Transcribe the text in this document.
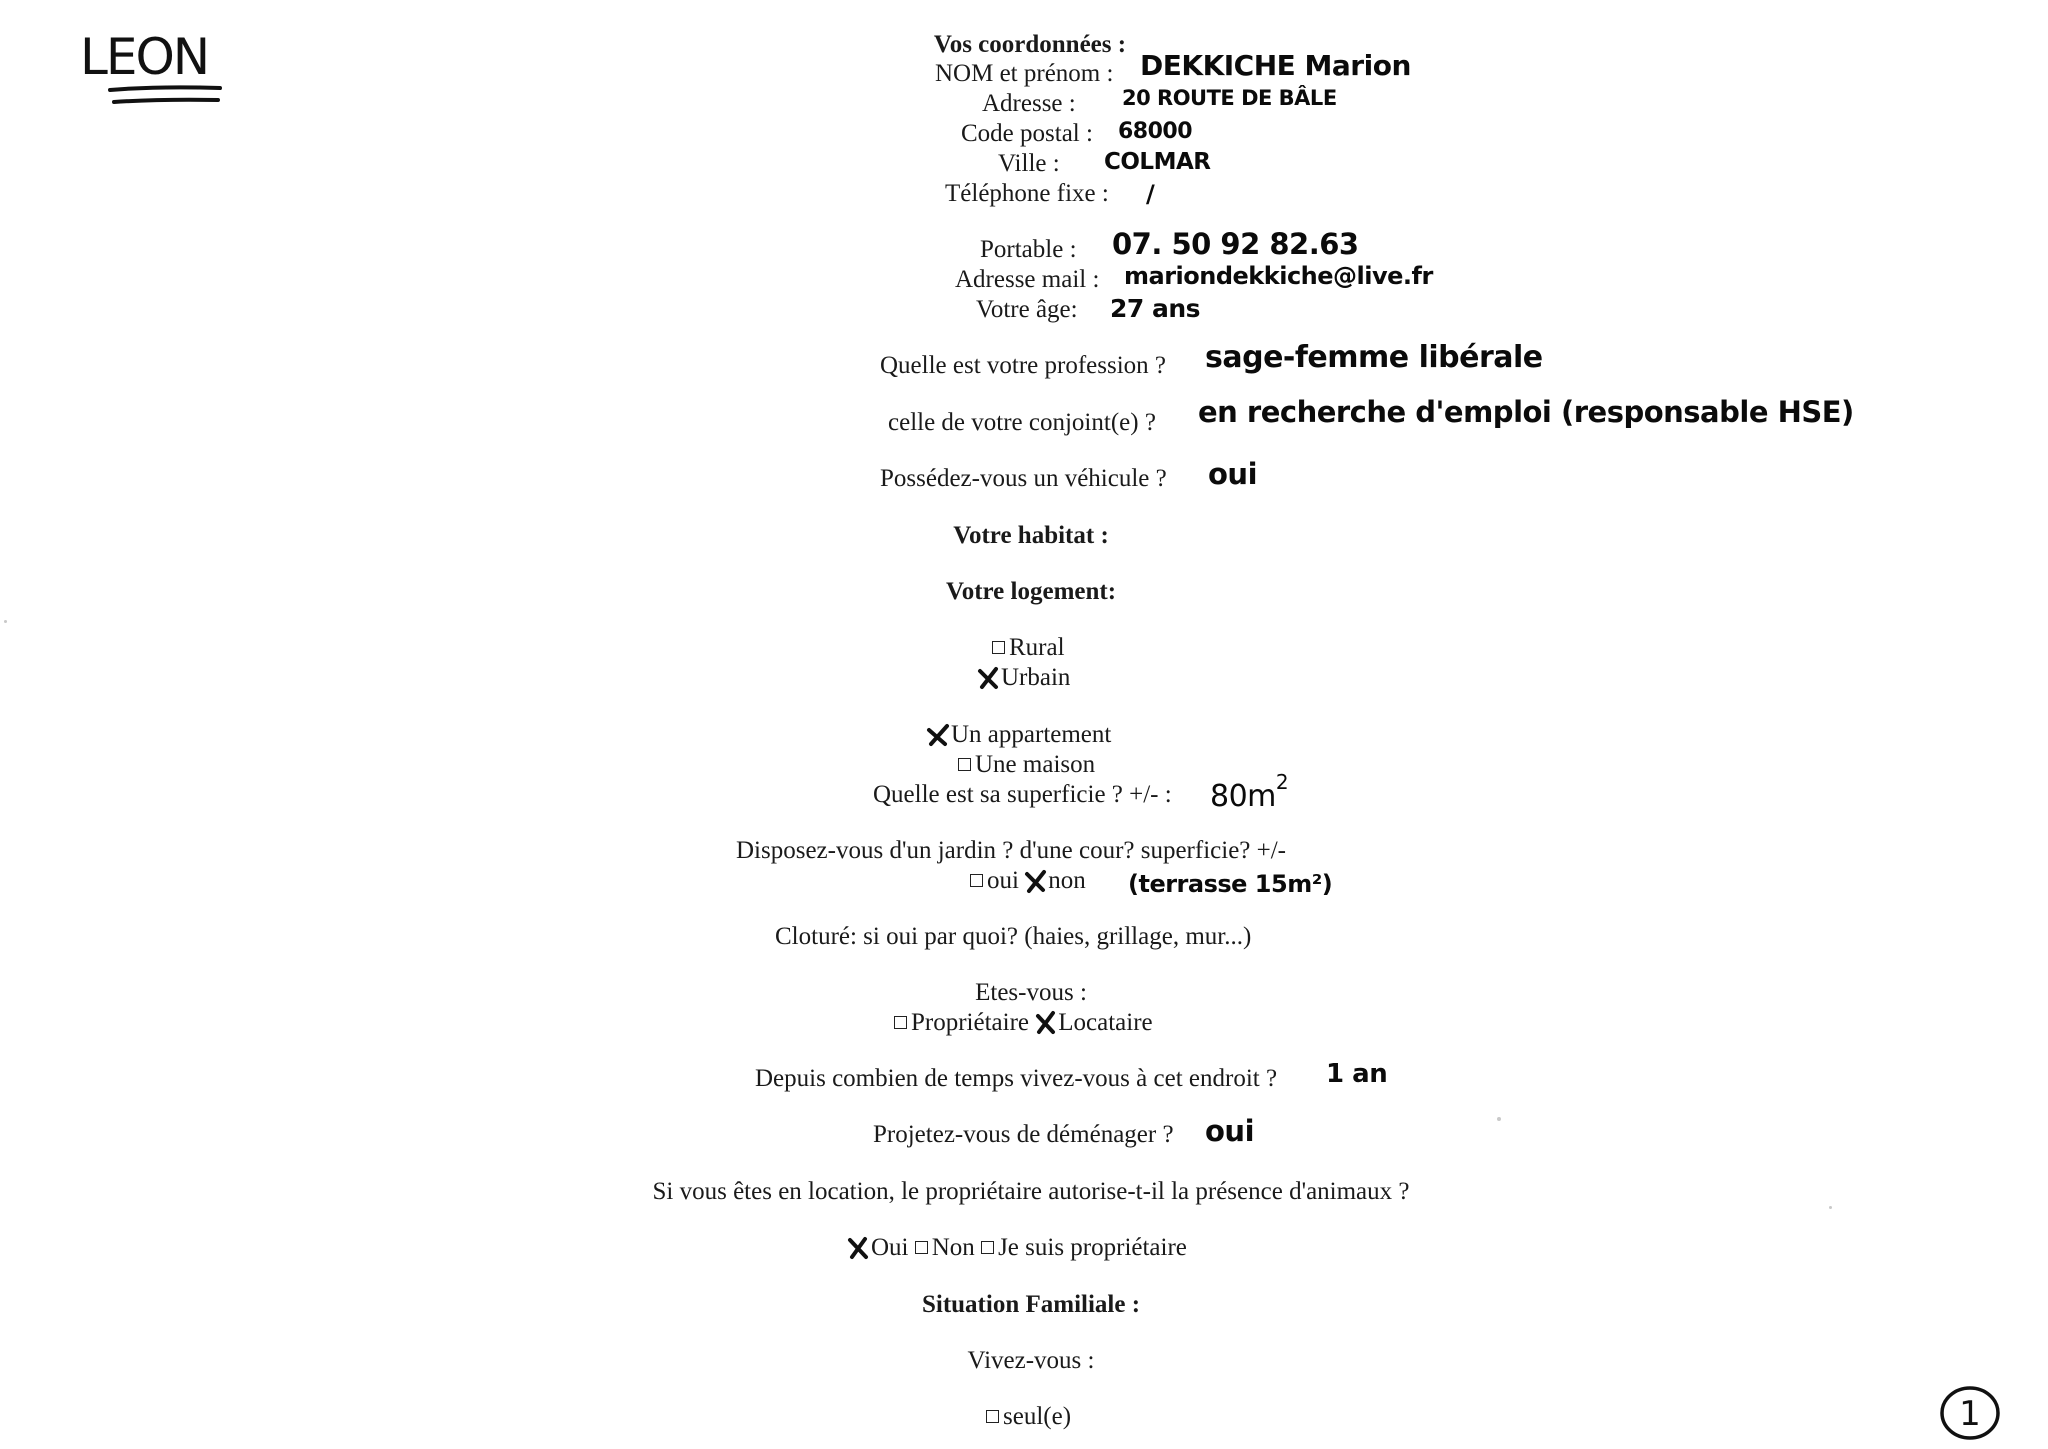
LEON	Vos coordonnées :
NOM et prénom : DEKKICHE Marion
Adresse : 20 ROUTE DE BÂLE
Code postal : 68000
Ville : COLMAR
Téléphone fixe : /
Portable : 07. 50 92 82.63
Adresse mail : mariondekkiche@live.fr
Votre âge: 27 ans
Quelle est votre profession ? sage-femme libérale
celle de votre conjoint(e) ? en recherche d'emploi (responsable HSE)
Possédez-vous un véhicule ? oui
Votre habitat :
Votre logement:
Rural
Urbain
Un appartement
Une maison
Quelle est sa superficie ? +/- : $80m^2$
Disposez-vous d'un jardin ? d'une cour? superficie? +/-
oui non (terrasse 15m²)
Cloturé: si oui par quoi? (haies, grillage, mur...)
Etes-vous :
Propriétaire Locataire
Depuis combien de temps vivez-vous à cet endroit ? 1 an
Projetez-vous de déménager ? oui
Si vous êtes en location, le propriétaire autorise-t-il la présence d'animaux ?
Oui Non Je suis propriétaire
Situation Familiale :
Vivez-vous :
seul(e)	1
